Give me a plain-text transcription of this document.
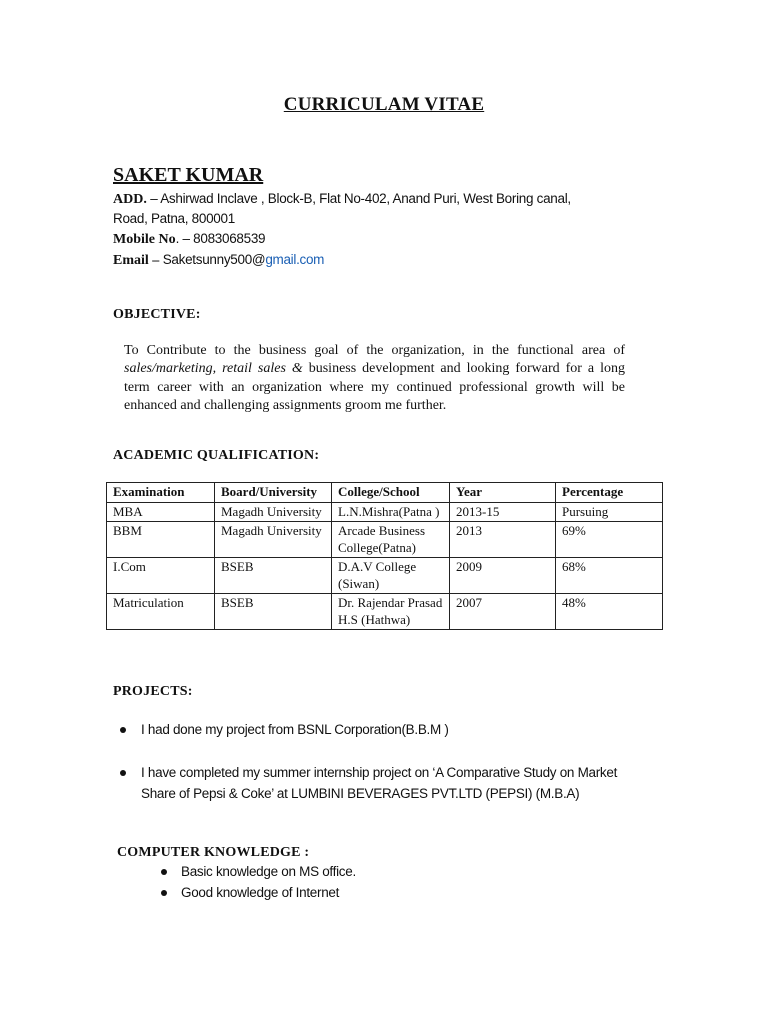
CURRICULAM VITAE
SAKET KUMAR
ADD. – Ashirwad Inclave , Block-B, Flat No-402, Anand Puri, West Boring canal,
Road, Patna, 800001
Mobile No. – 8083068539
Email – Saketsunny500@gmail.com
OBJECTIVE:
To Contribute to the business goal of the organization, in the functional area of sales/marketing, retail sales & business development and looking forward for a long term career with an organization where my continued professional growth will be enhanced and challenging assignments groom me further.
ACADEMIC QUALIFICATION:
Examination	Board/University	College/School	Year	Percentage
MBA	Magadh University	L.N.Mishra(Patna )	2013-15	Pursuing
BBM	Magadh University	Arcade Business College(Patna)	2013	69%
I.Com	BSEB	D.A.V College (Siwan)	2009	68%
Matriculation	BSEB	Dr. Rajendar Prasad H.S (Hathwa)	2007	48%
PROJECTS:
I had done my project from BSNL Corporation(B.B.M )
I have completed my summer internship project on ‘A Comparative Study on Market Share of Pepsi & Coke’ at LUMBINI BEVERAGES PVT.LTD (PEPSI) (M.B.A)
COMPUTER KNOWLEDGE :
Basic knowledge on MS office.
Good knowledge of Internet
